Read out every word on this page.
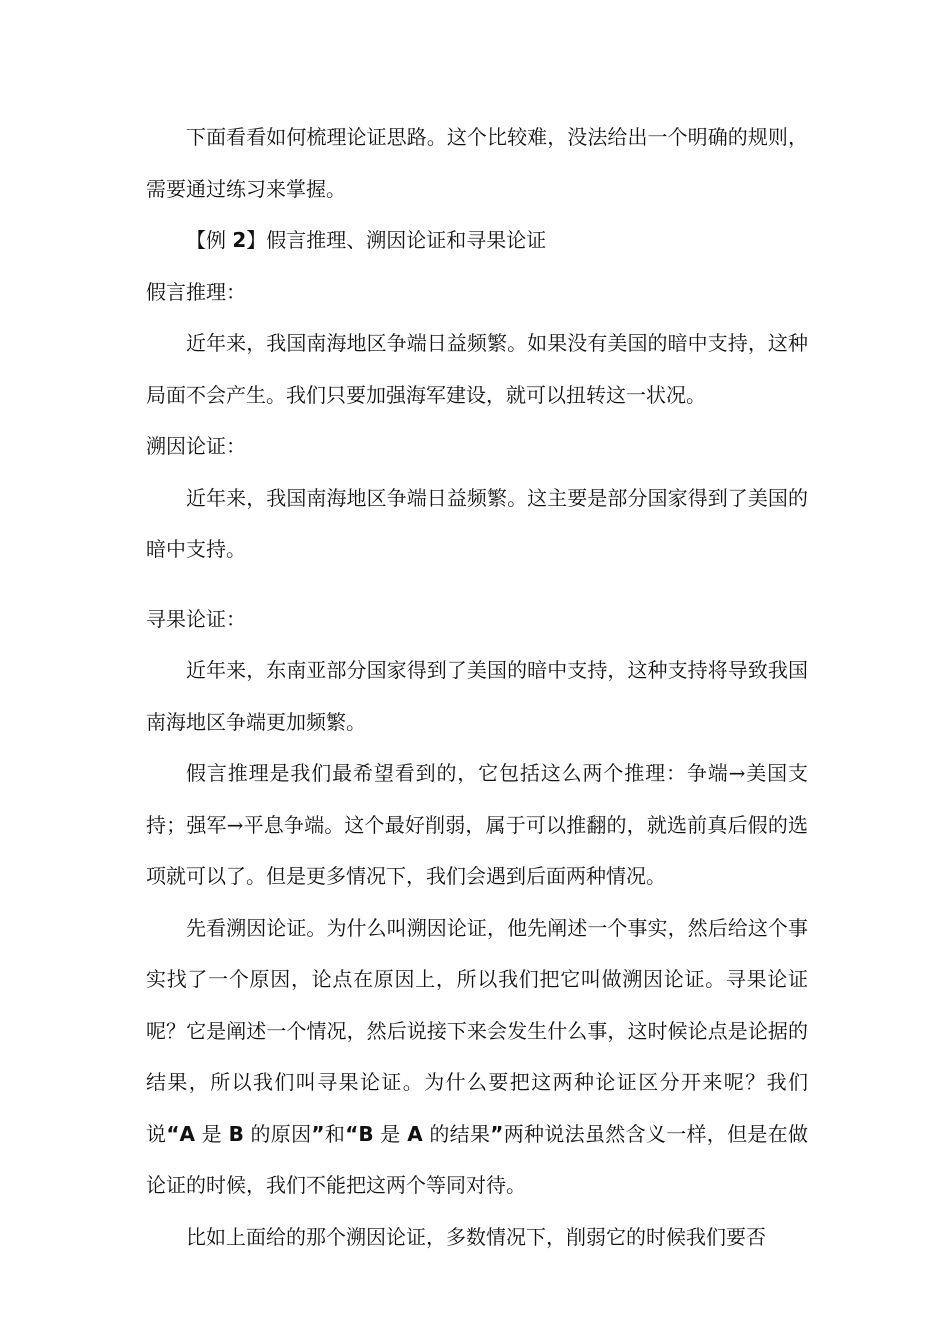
下面看看如何梳理论证思路。这个比较难，没法给出一个明确的规则，需要通过练习来掌握。

【例 2】假言推理、溯因论证和寻果论证

假言推理：

近年来，我国南海地区争端日益频繁。如果没有美国的暗中支持，这种局面不会产生。我们只要加强海军建设，就可以扭转这一状况。

溯因论证：

近年来，我国南海地区争端日益频繁。这主要是部分国家得到了美国的暗中支持。

寻果论证：

近年来，东南亚部分国家得到了美国的暗中支持，这种支持将导致我国南海地区争端更加频繁。

假言推理是我们最希望看到的，它包括这么两个推理：争端→美国支持；强军→平息争端。这个最好削弱，属于可以推翻的，就选前真后假的选项就可以了。但是更多情况下，我们会遇到后面两种情况。

先看溯因论证。为什么叫溯因论证，他先阐述一个事实，然后给这个事实找了一个原因，论点在原因上，所以我们把它叫做溯因论证。寻果论证呢？它是阐述一个情况，然后说接下来会发生什么事，这时候论点是论据的结果，所以我们叫寻果论证。为什么要把这两种论证区分开来呢？我们说“A 是 B 的原因”和“B 是 A 的结果”两种说法虽然含义一样，但是在做论证的时候，我们不能把这两个等同对待。

比如上面给的那个溯因论证，多数情况下，削弱它的时候我们要否
